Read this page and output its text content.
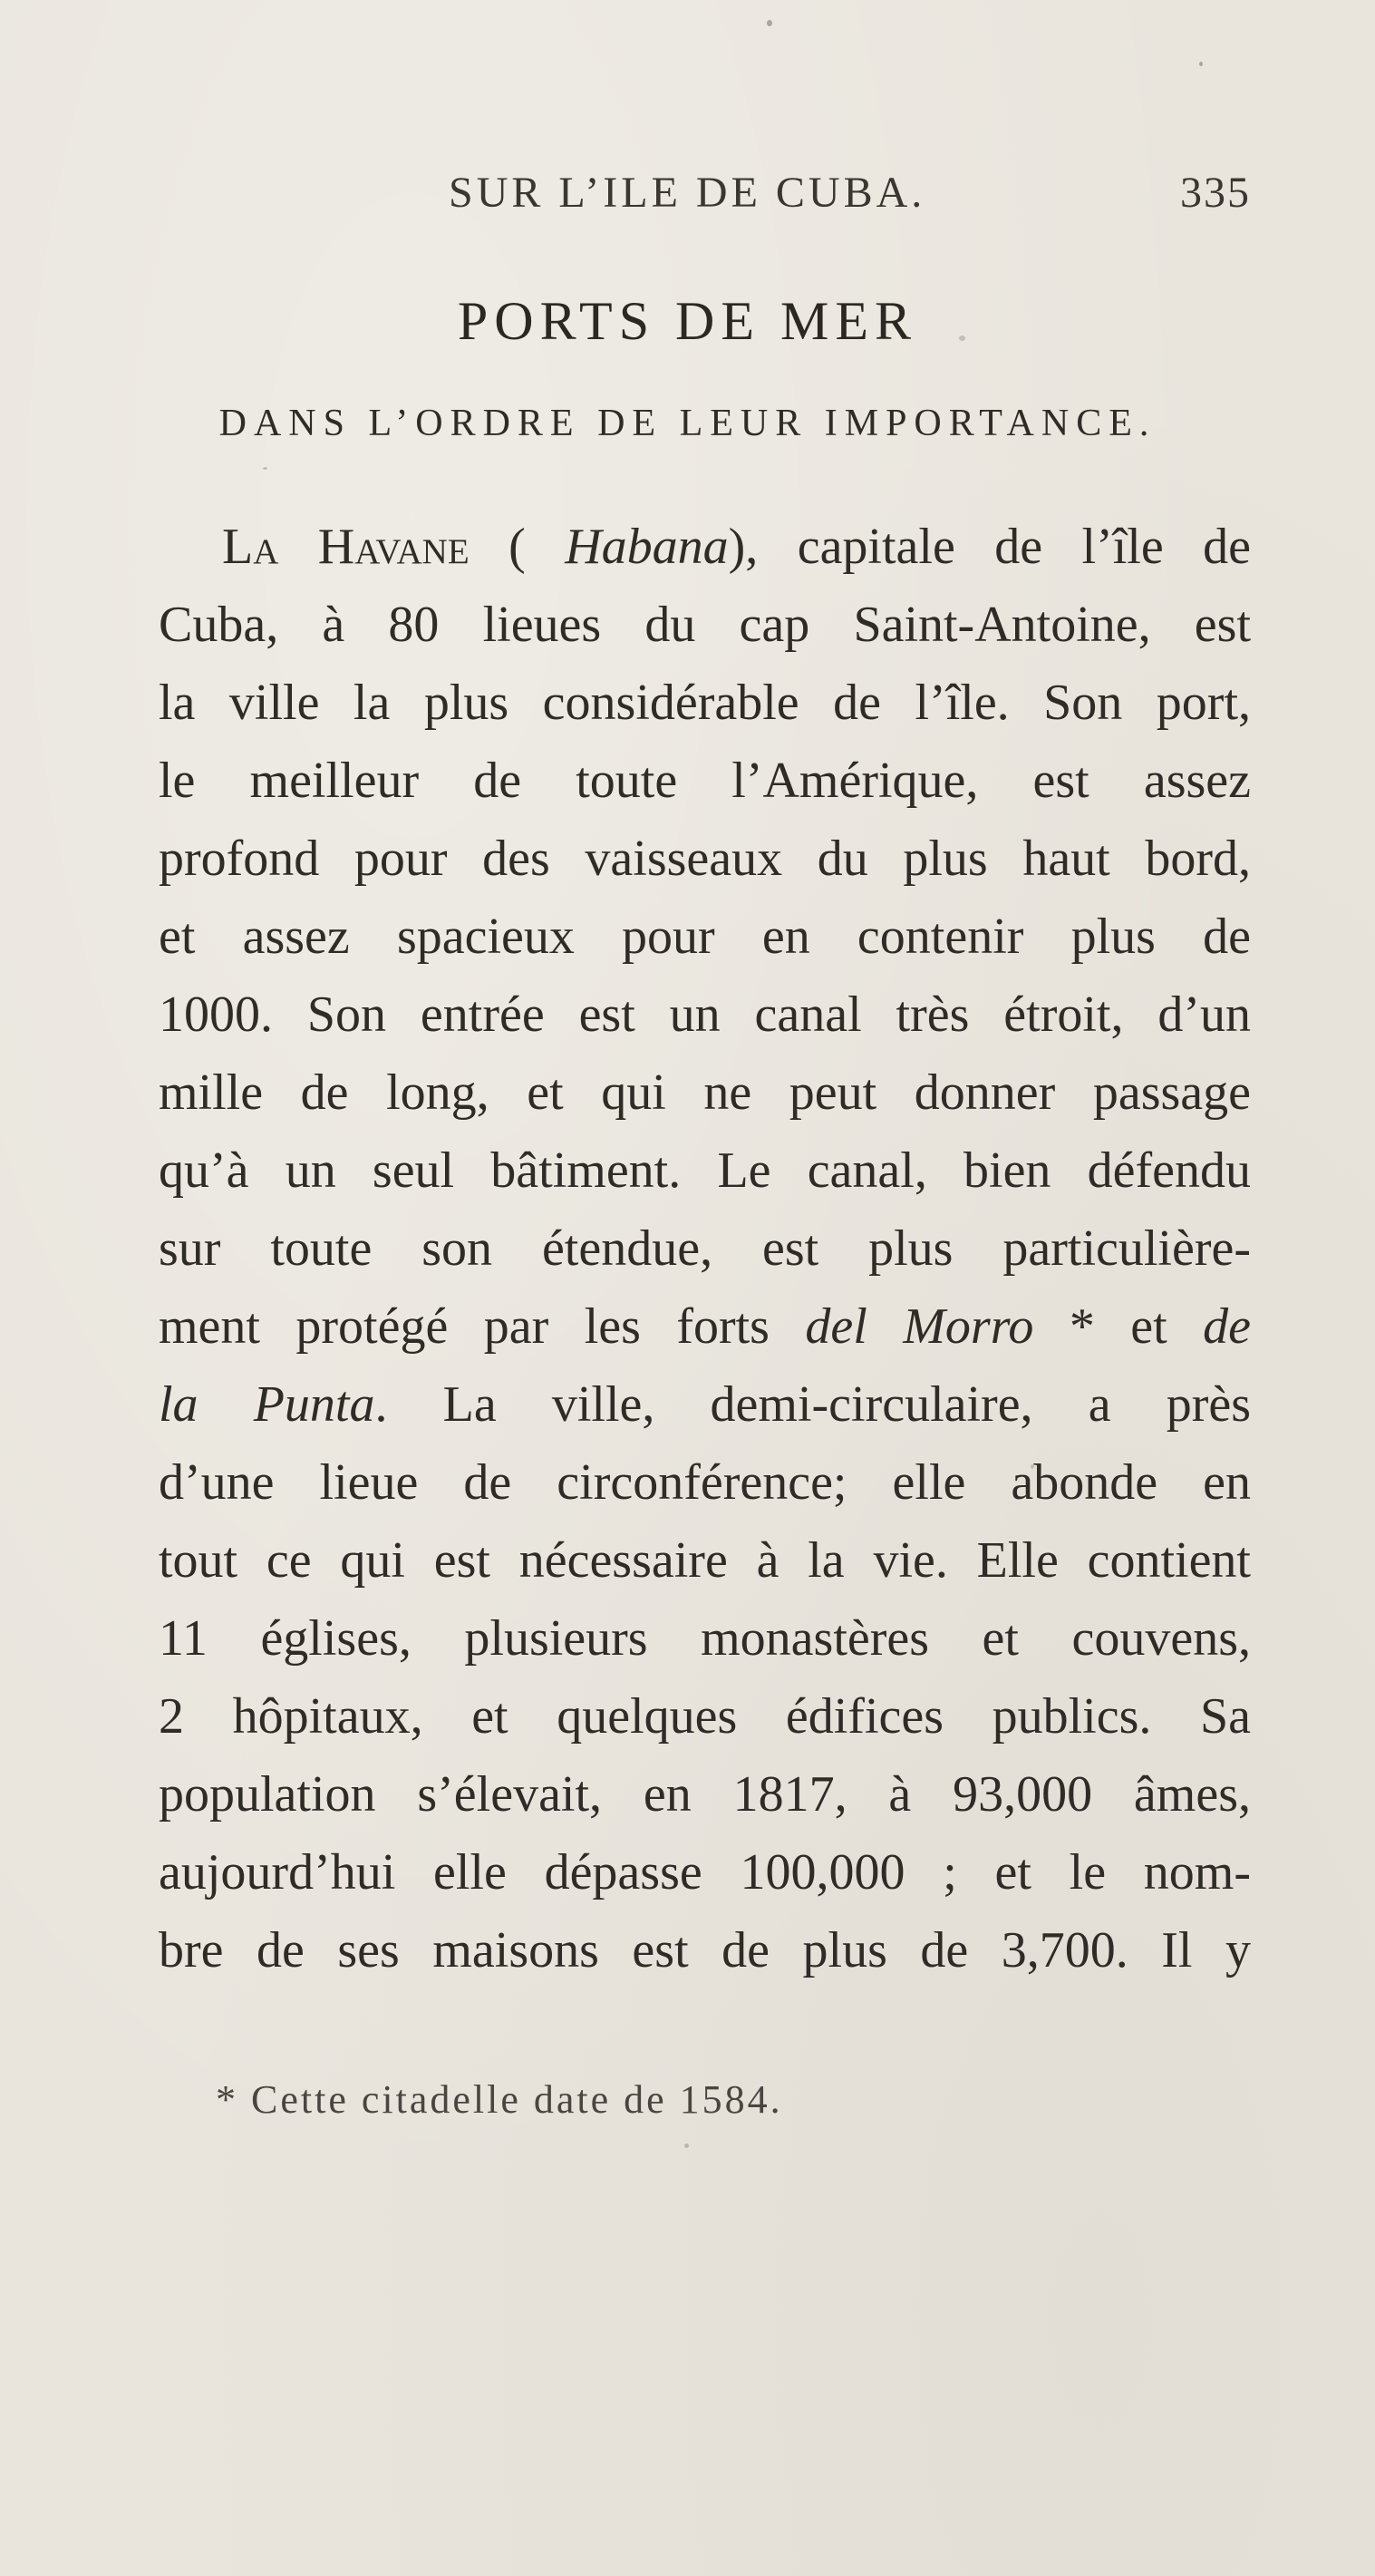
SUR L’ILE DE CUBA.	335
PORTS DE MER
DANS L’ORDRE DE LEUR IMPORTANCE.
La Havane ( Habana), capitale de l’île de
Cuba, à 80 lieues du cap Saint-Antoine, est
la ville la plus considérable de l’île. Son port,
le meilleur de toute l’Amérique, est assez
profond pour des vaisseaux du plus haut bord,
et assez spacieux pour en contenir plus de
1000. Son entrée est un canal très étroit, d’un
mille de long, et qui ne peut donner passage
qu’à un seul bâtiment. Le canal, bien défendu
sur toute son étendue, est plus particulière-
ment protégé par les forts del Morro * et de
la Punta. La ville, demi-circulaire, a près
d’une lieue de circonférence; elle abonde en
tout ce qui est nécessaire à la vie. Elle contient
11 églises, plusieurs monastères et couvens,
2 hôpitaux, et quelques édifices publics. Sa
population s’élevait, en 1817, à 93,000 âmes,
aujourd’hui elle dépasse 100,000 ; et le nom-
bre de ses maisons est de plus de 3,700. Il y
* Cette citadelle date de 1584.
